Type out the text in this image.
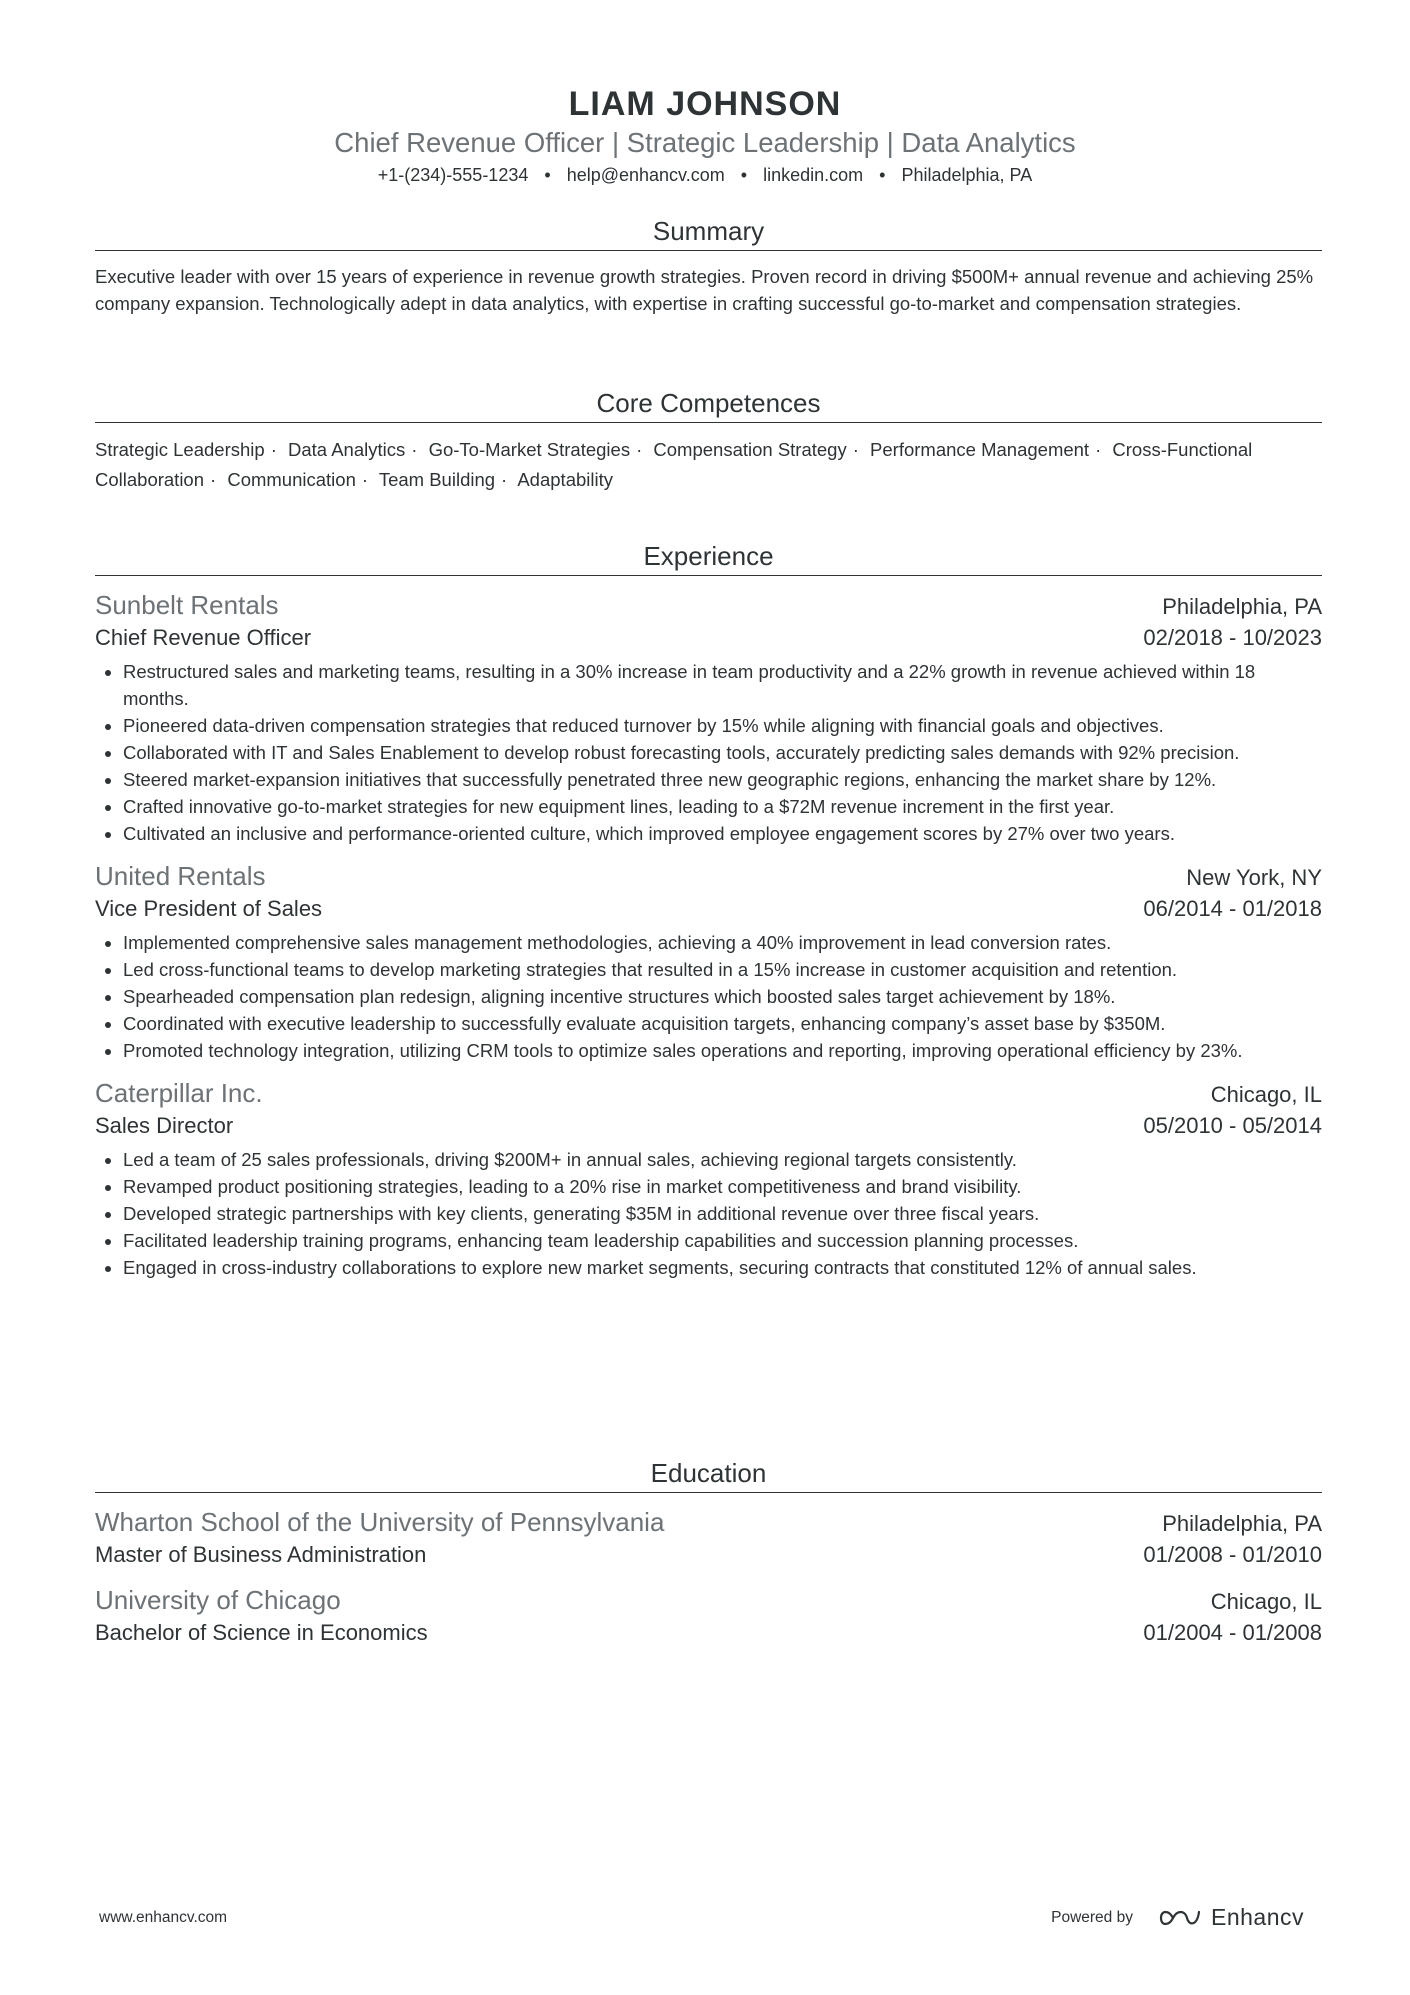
LIAM JOHNSON
Chief Revenue Officer | Strategic Leadership | Data Analytics
+1-(234)-555-1234 • help@enhancv.com • linkedin.com • Philadelphia, PA
Summary

Executive leader with over 15 years of experience in revenue growth strategies. Proven record in driving $500M+ annual revenue and achieving 25% company expansion. Technologically adept in data analytics, with expertise in crafting successful go-to-market and compensation strategies.

Core Competences
Strategic Leadership · Data Analytics · Go-To-Market Strategies · Compensation Strategy · Performance Management · Cross-Functional Collaboration · Communication · Team Building · Adaptability
Experience
Sunbelt Rentals	Philadelphia, PA
Chief Revenue Officer	02/2018 - 10/2023
• Restructured sales and marketing teams, resulting in a 30% increase in team productivity and a 22% growth in revenue achieved within 18 months.
• Pioneered data-driven compensation strategies that reduced turnover by 15% while aligning with financial goals and objectives.
• Collaborated with IT and Sales Enablement to develop robust forecasting tools, accurately predicting sales demands with 92% precision.
• Steered market-expansion initiatives that successfully penetrated three new geographic regions, enhancing the market share by 12%.
• Crafted innovative go-to-market strategies for new equipment lines, leading to a $72M revenue increment in the first year.
• Cultivated an inclusive and performance-oriented culture, which improved employee engagement scores by 27% over two years.
United Rentals	New York, NY
Vice President of Sales	06/2014 - 01/2018
• Implemented comprehensive sales management methodologies, achieving a 40% improvement in lead conversion rates.
• Led cross-functional teams to develop marketing strategies that resulted in a 15% increase in customer acquisition and retention.
• Spearheaded compensation plan redesign, aligning incentive structures which boosted sales target achievement by 18%.
• Coordinated with executive leadership to successfully evaluate acquisition targets, enhancing company’s asset base by $350M.
• Promoted technology integration, utilizing CRM tools to optimize sales operations and reporting, improving operational efficiency by 23%.
Caterpillar Inc.	Chicago, IL
Sales Director	05/2010 - 05/2014
• Led a team of 25 sales professionals, driving $200M+ in annual sales, achieving regional targets consistently.
• Revamped product positioning strategies, leading to a 20% rise in market competitiveness and brand visibility.
• Developed strategic partnerships with key clients, generating $35M in additional revenue over three fiscal years.
• Facilitated leadership training programs, enhancing team leadership capabilities and succession planning processes.
• Engaged in cross-industry collaborations to explore new market segments, securing contracts that constituted 12% of annual sales.
Education
Wharton School of the University of Pennsylvania	Philadelphia, PA
Master of Business Administration	01/2008 - 01/2010
University of Chicago	Chicago, IL
Bachelor of Science in Economics	01/2004 - 01/2008
www.enhancv.com	Powered by	Enhancv
